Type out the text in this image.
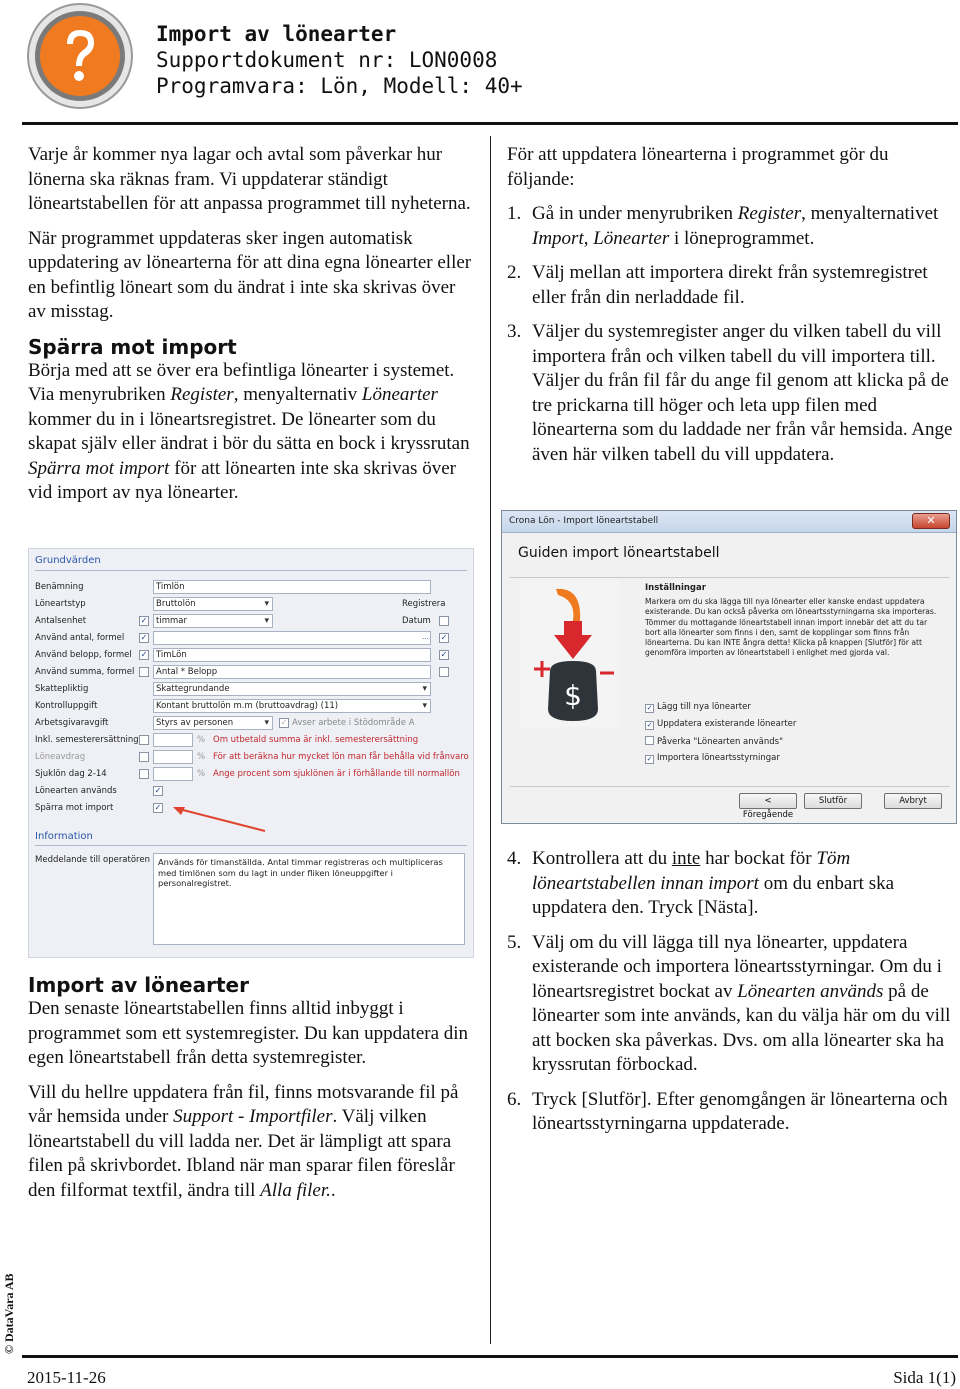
Import av lönearter
Supportdokument nr: LON0008
Programvara: Lön, Modell: 40+

Varje år kommer nya lagar och avtal som påverkar hur lönerna ska räknas fram. Vi uppdaterar ständigt löneartstabellen för att anpassa programmet till nyheterna.

När programmet uppdateras sker ingen automatisk uppdatering av lönearterna för att dina egna lönearter eller en befintlig löneart som du ändrat i inte ska skrivas över av misstag.

Spärra mot import

Börja med att se över era befintliga lönearter i systemet. Via menyrubriken Register, menyalternativ Lönearter kommer du in i löneartsregistret. De lönearter som du skapat själv eller ändrat i bör du sätta en bock i kryssrutan Spärra mot import för att lönearten inte ska skrivas över vid import av nya lönearter.

Grundvärden
Benämning	Timlön
Löneartstyp	Bruttolön ▾	Registrera
Antalsenhet	✓	timmar ▾	Datum
Använd antal, formel ✓	... ✓
Använd belopp, formel ✓	TimLön	✓
Använd summa, formel	Antal * Belopp
Skattepliktig	Skattegrundande ▾
Kontrolluppgift	Kontant bruttolön m.m (bruttoavdrag) (11) ▾
Arbetsgivaravgift	Styrs av personen ▾	✓ Avser arbete i Stödområde A
Inkl. semesterersättning	% Om utbetald summa är inkl. semesterersättning
Löneavdrag	% För att beräkna hur mycket lön man får behålla vid frånvaro
Sjuklön dag 2-14	% Ange procent som sjuklönen är i förhållande till normallön
Lönearten används	✓
Spärra mot import	✓
Information
Meddelande till operatören Används för timanställda. Antal timmar registreras och multipliceras med timlönen som du lagt in under fliken löneuppgifter i personalregistret.
Import av lönearter

Den senaste löneartstabellen finns alltid inbyggt i programmet som ett systemregister. Du kan uppdatera din egen löneartstabell från detta systemregister.

Vill du hellre uppdatera från fil, finns motsvarande fil på vår hemsida under Support - Importfiler. Välj vilken löneartstabell du vill ladda ner. Det är lämpligt att spara filen på skrivbordet. Ibland när man sparar filen föreslår den filformat textfil, ändra till Alla filer..

För att uppdatera lönearterna i programmet gör du följande:

1. Gå in under menyrubriken Register, menyalternativet Import, Lönearter i löneprogrammet.
2. Välj mellan att importera direkt från systemregistret eller från din nerladdade fil.
3. Väljer du systemregister anger du vilken tabell du vill importera från och vilken tabell du vill importera till. Väljer du från fil får du ange fil genom att klicka på de tre prickarna till höger och leta upp filen med lönearterna som du laddade ner från vår hemsida. Ange även här vilken tabell du vill uppdatera.
Crona Lön - Import löneartstabell	✕
Guiden import löneartstabell
$
Inställningar
Markera om du ska lägga till nya lönearter eller kanske endast uppdatera existerande. Du kan också påverka om löneartsstyrningarna ska importeras. Tömmer du mottagande löneartstabell innan import innebär det att du tar bort alla lönearter som finns i den, samt de kopplingar som finns från lönearterna. Du kan INTE ångra detta! Klicka på knappen [Slutför] för att genomföra importen av löneartstabell i enlighet med gjorda val.
✓ Lägg till nya lönearter
✓ Uppdatera existerande lönearter
Påverka "Lönearten används"
✓ Importera löneartsstyrningar
< Föregående
Slutför	Avbryt
4. Kontrollera att du inte har bockat för Töm löneartstabellen innan import om du enbart ska uppdatera den. Tryck [Nästa].
5. Välj om du vill lägga till nya lönearter, uppdatera existerande och importera löneartsstyrningar. Om du i löneartsregistret bockat av Lönearten används på de lönearter som inte används, kan du välja här om du vill att bocken ska påverkas. Dvs. om alla lönearter ska ha kryssrutan förbockad.
6. Tryck [Slutför]. Efter genomgången är lönearterna och löneartsstyrningarna uppdaterade.
© DataVara AB
2015-11-26	Sida 1(1)
